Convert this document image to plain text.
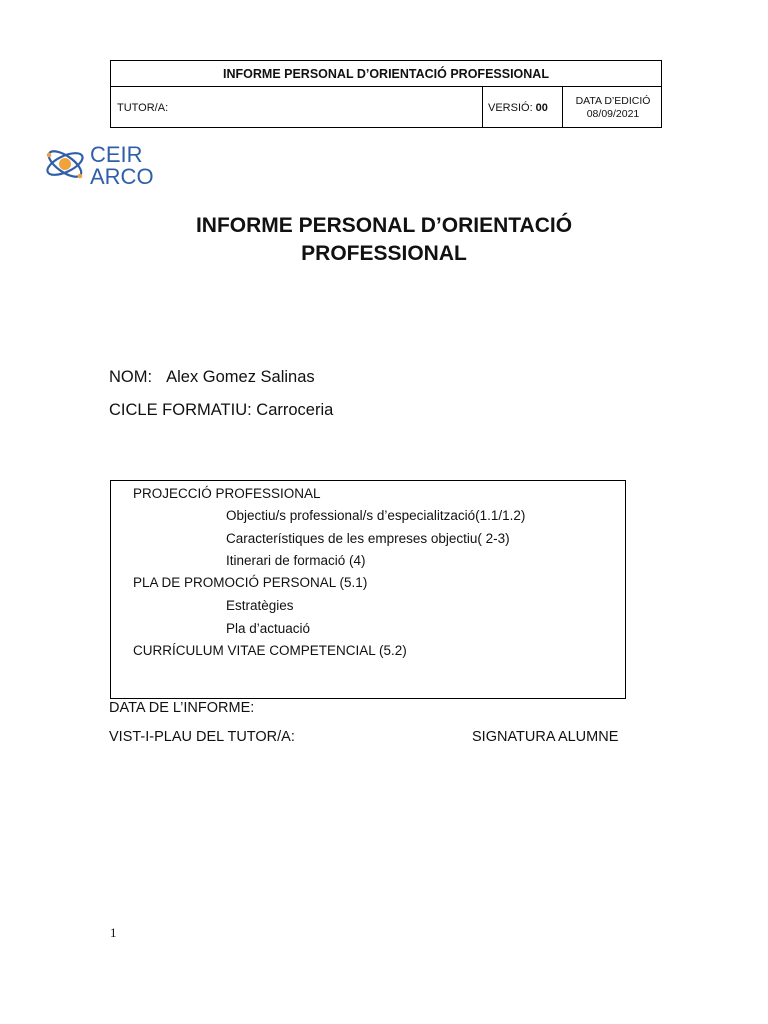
INFORME PERSONAL D’ORIENTACIÓ PROFESSIONAL
TUTOR/A:	VERSIÓ: 00
DATA D’EDICIÓ
08/09/2021
CEIR
ARCO
INFORME PERSONAL D’ORIENTACIÓ
PROFESSIONAL
NOM: Alex Gomez Salinas
CICLE FORMATIU: Carroceria
PROJECCIÓ PROFESSIONAL
Objectiu/s professional/s d’especialització(1.1/1.2)
Característiques de les empreses objectiu( 2-3)
Itinerari de formació (4)
PLA DE PROMOCIÓ PERSONAL (5.1)
Estratègies
Pla d’actuació
CURRÍCULUM VITAE COMPETENCIAL (5.2)
DATA DE L’INFORME:
VIST-I-PLAU DEL TUTOR/A:	SIGNATURA ALUMNE
1
